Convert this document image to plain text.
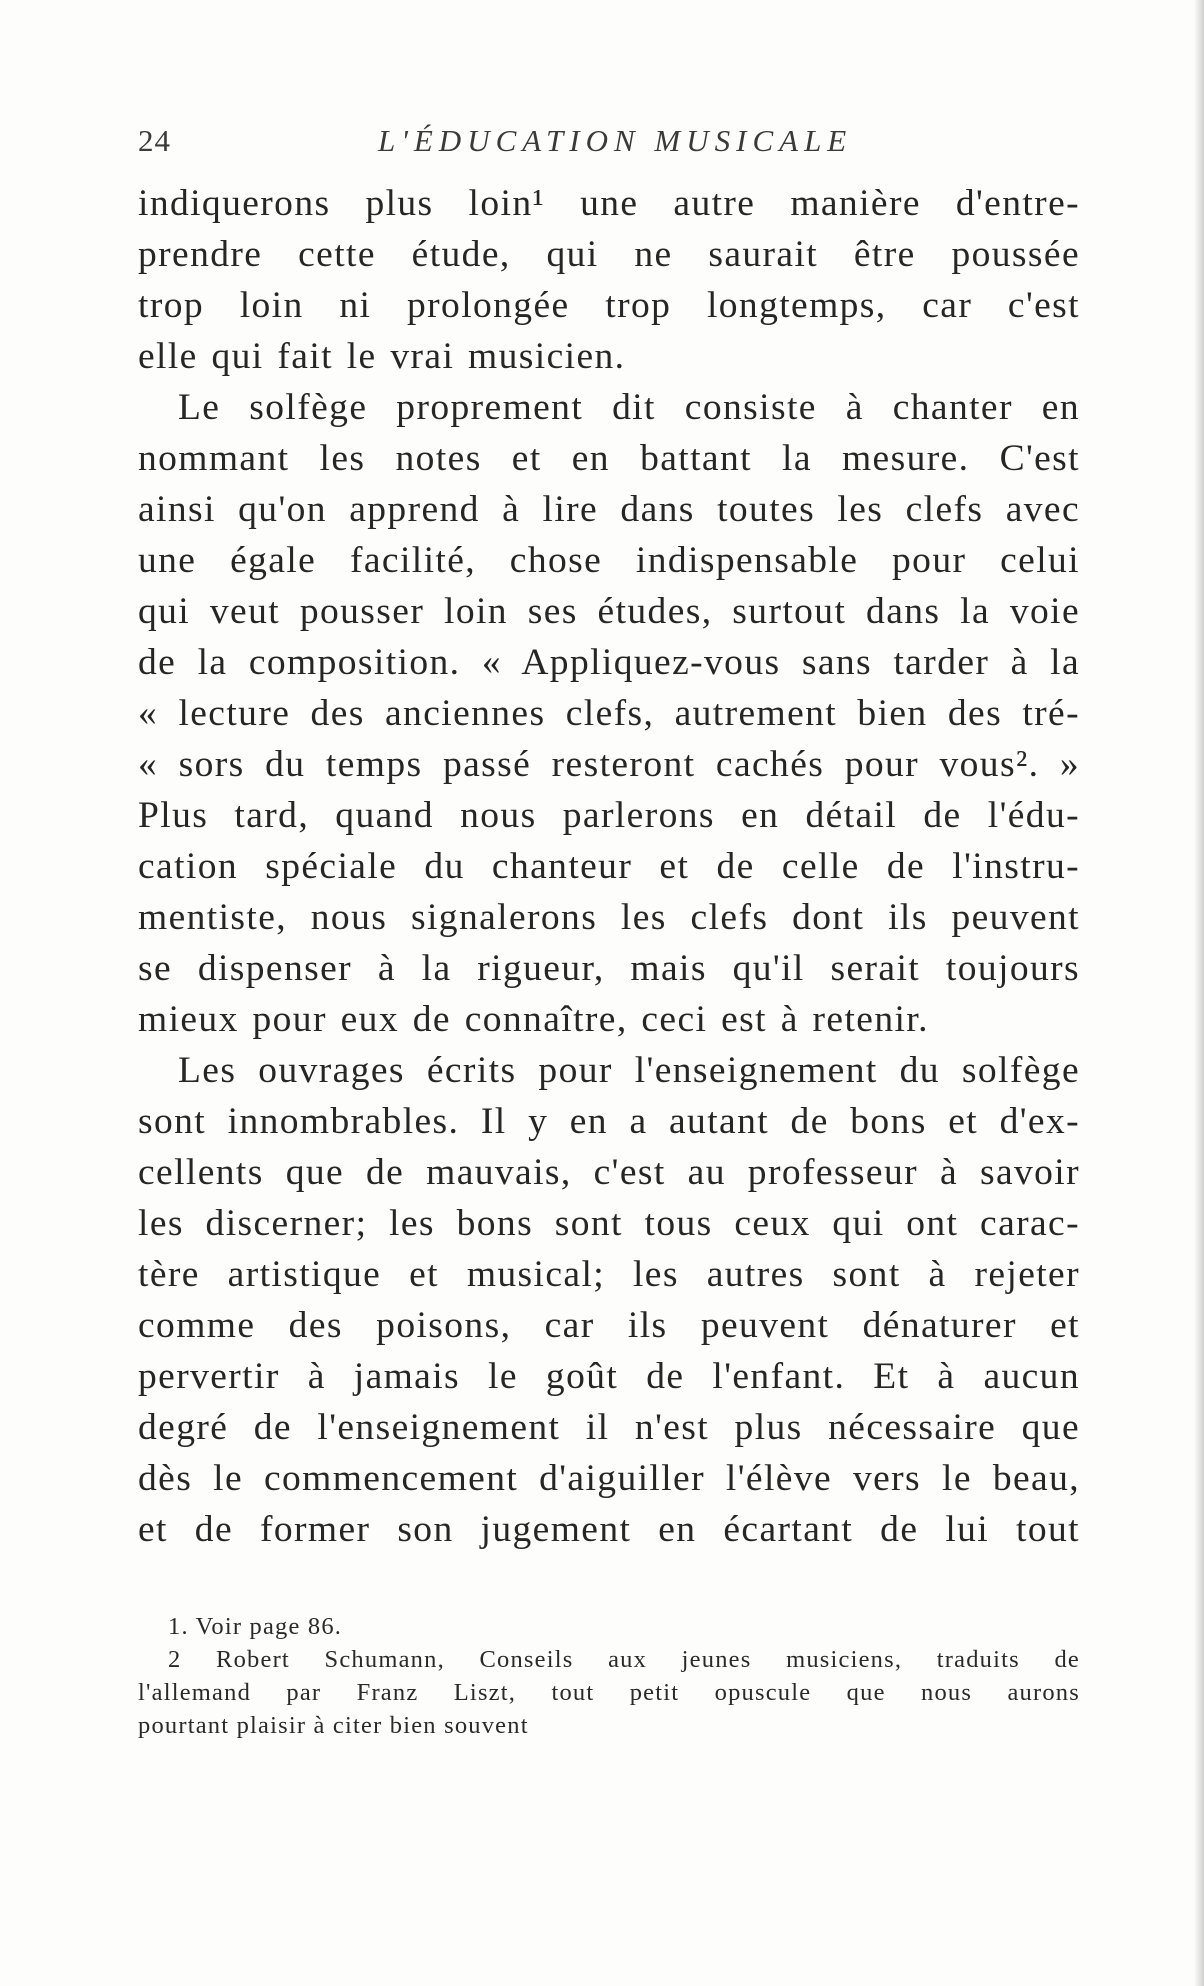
24	L'ÉDUCATION MUSICALE
indiquerons plus loin¹ une autre manière d'entre-
prendre cette étude, qui ne saurait être poussée
trop loin ni prolongée trop longtemps, car c'est
elle qui fait le vrai musicien.
Le solfège proprement dit consiste à chanter en
nommant les notes et en battant la mesure. C'est
ainsi qu'on apprend à lire dans toutes les clefs avec
une égale facilité, chose indispensable pour celui
qui veut pousser loin ses études, surtout dans la voie
de la composition. « Appliquez-vous sans tarder à la
« lecture des anciennes clefs, autrement bien des tré-
« sors du temps passé resteront cachés pour vous². »
Plus tard, quand nous parlerons en détail de l'édu-
cation spéciale du chanteur et de celle de l'instru-
mentiste, nous signalerons les clefs dont ils peuvent
se dispenser à la rigueur, mais qu'il serait toujours
mieux pour eux de connaître, ceci est à retenir.
Les ouvrages écrits pour l'enseignement du solfège
sont innombrables. Il y en a autant de bons et d'ex-
cellents que de mauvais, c'est au professeur à savoir
les discerner; les bons sont tous ceux qui ont carac-
tère artistique et musical; les autres sont à rejeter
comme des poisons, car ils peuvent dénaturer et
pervertir à jamais le goût de l'enfant. Et à aucun
degré de l'enseignement il n'est plus nécessaire que
dès le commencement d'aiguiller l'élève vers le beau,
et de former son jugement en écartant de lui tout
1. Voir page 86.
2 Robert Schumann, Conseils aux jeunes musiciens, traduits de
l'allemand par Franz Liszt, tout petit opuscule que nous aurons
pourtant plaisir à citer bien souvent
